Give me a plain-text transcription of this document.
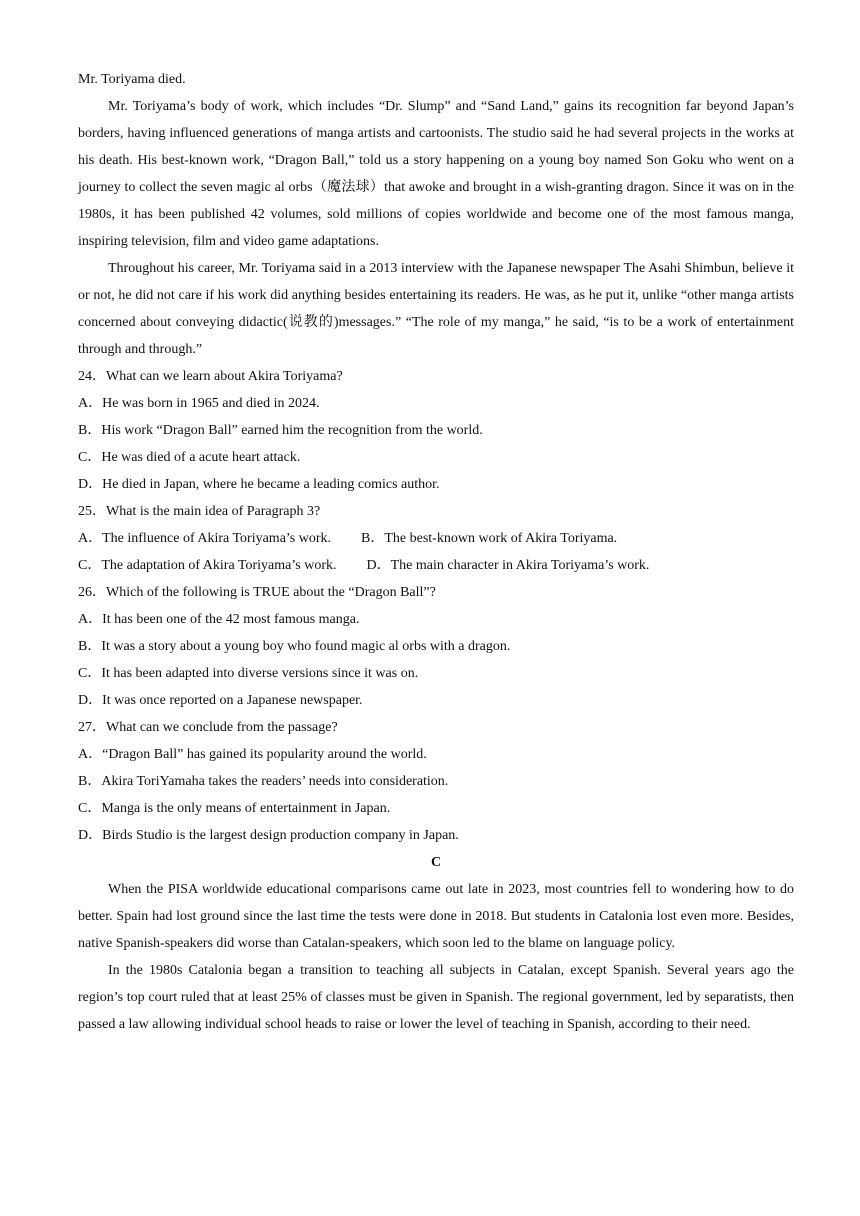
Mr. Toriyama died.

Mr. Toriyama’s body of work, which includes “Dr. Slump” and “Sand Land,” gains its recognition far beyond Japan’s borders, having influenced generations of manga artists and cartoonists. The studio said he had several projects in the works at his death. His best-known work, “Dragon Ball,” told us a story happening on a young boy named Son Goku who went on a journey to collect the seven magic al orbs（魔法球）that awoke and brought in a wish-granting dragon. Since it was on in the 1980s, it has been published 42 volumes, sold millions of copies worldwide and become one of the most famous manga, inspiring television, film and video game adaptations.

Throughout his career, Mr. Toriyama said in a 2013 interview with the Japanese newspaper The Asahi Shimbun, believe it or not, he did not care if his work did anything besides entertaining its readers. He was, as he put it, unlike “other manga artists concerned about conveying didactic(说教的)messages.” “The role of my manga,” he said, “is to be a work of entertainment through and through.”

24．What can we learn about Akira Toriyama?

A．He was born in 1965 and died in 2024.

B．His work “Dragon Ball” earned him the recognition from the world.

C．He was died of a acute heart attack.

D．He died in Japan, where he became a leading comics author.

25．What is the main idea of Paragraph 3?

A．The influence of Akira Toriyama’s work. B．The best-known work of Akira Toriyama.

C．The adaptation of Akira Toriyama’s work. D．The main character in Akira Toriyama’s work.

26．Which of the following is TRUE about the “Dragon Ball”?

A．It has been one of the 42 most famous manga.

B．It was a story about a young boy who found magic al orbs with a dragon.

C．It has been adapted into diverse versions since it was on.

D．It was once reported on a Japanese newspaper.

27．What can we conclude from the passage?

A．“Dragon Ball” has gained its popularity around the world.

B．Akira ToriYamaha takes the readers’ needs into consideration.

C．Manga is the only means of entertainment in Japan.

D．Birds Studio is the largest design production company in Japan.

C

When the PISA worldwide educational comparisons came out late in 2023, most countries fell to wondering how to do better. Spain had lost ground since the last time the tests were done in 2018. But students in Catalonia lost even more. Besides, native Spanish-speakers did worse than Catalan-speakers, which soon led to the blame on language policy.

In the 1980s Catalonia began a transition to teaching all subjects in Catalan, except Spanish. Several years ago the region’s top court ruled that at least 25% of classes must be given in Spanish. The regional government, led by separatists, then passed a law allowing individual school heads to raise or lower the level of teaching in Spanish, according to their need.
